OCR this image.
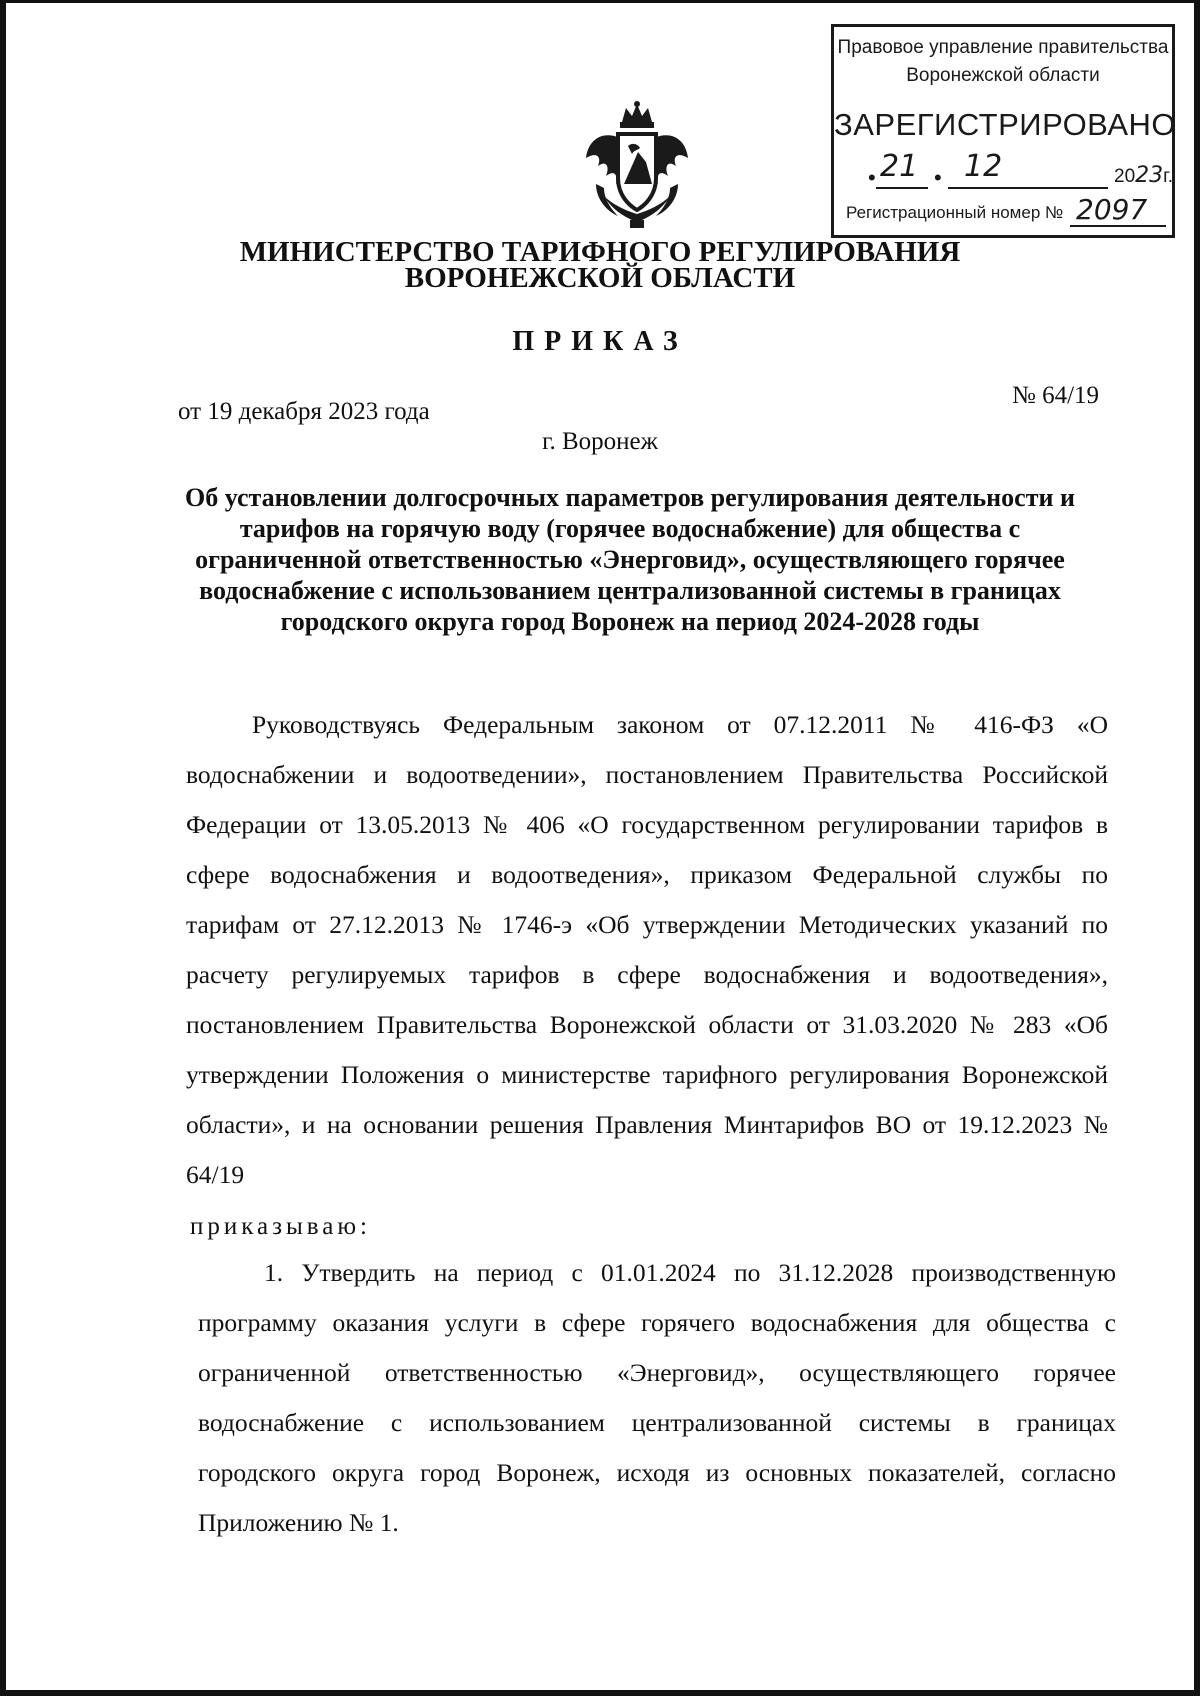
Правовое управление правительства
Воронежской области
ЗАРЕГИСТРИРОВАНО
• 21 • 12	2023г.
Регистрационный номер № 2097
МИНИСТЕРСТВО ТАРИФНОГО РЕГУЛИРОВАНИЯ
ВОРОНЕЖСКОЙ ОБЛАСТИ
ПРИКАЗ
от 19 декабря 2023 года
№ 64/19
г. Воронеж
Об установлении долгосрочных параметров регулирования деятельности и тарифов на горячую воду (горячее водоснабжение) для общества с ограниченной ответственностью «Энерговид», осуществляющего горячее водоснабжение с использованием централизованной системы в границах городского округа город Воронеж на период 2024-2028 годы
Руководствуясь Федеральным законом от 07.12.2011 № 416-ФЗ «О водоснабжении и водоотведении», постановлением Правительства Российской Федерации от 13.05.2013 № 406 «О государственном регулировании тарифов в сфере водоснабжения и водоотведения», приказом Федеральной службы по тарифам от 27.12.2013 № 1746-э «Об утверждении Методических указаний по расчету регулируемых тарифов в сфере водоснабжения и водоотведения», постановлением Правительства Воронежской области от 31.03.2020 № 283 «Об утверждении Положения о министерстве тарифного регулирования Воронежской области», и на основании решения Правления Минтарифов ВО от 19.12.2023 № 64/19
приказываю:
1. Утвердить на период с 01.01.2024 по 31.12.2028 производственную программу оказания услуги в сфере горячего водоснабжения для общества с ограниченной ответственностью «Энерговид», осуществляющего горячее водоснабжение с использованием централизованной системы в границах городского округа город Воронеж, исходя из основных показателей, согласно Приложению № 1.
